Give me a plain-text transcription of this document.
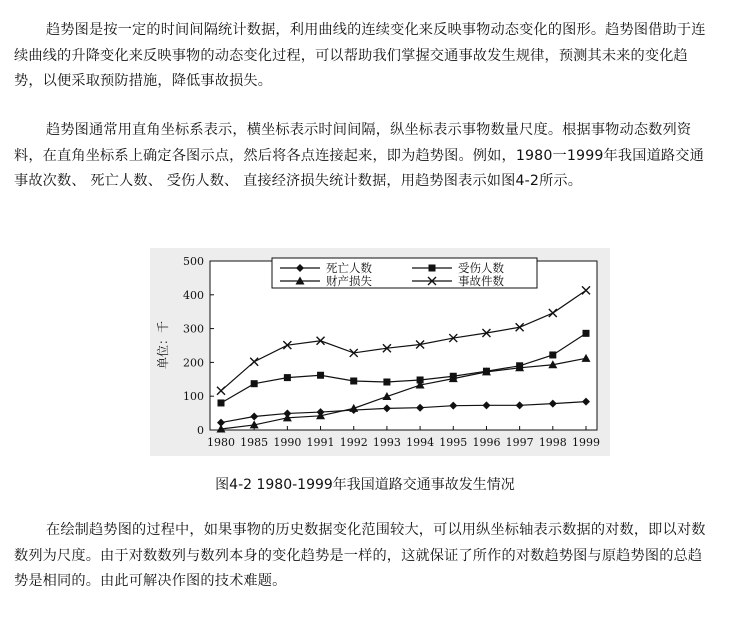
趋势图是按一定的时间间隔统计数据，利用曲线的连续变化来反映事物动态变化的图形。趋势图借助于连续曲线的升降变化来反映事物的动态变化过程，可以帮助我们掌握交通事故发生规律，预测其未来的变化趋势，以便采取预防措施，降低事故损失。

趋势图通常用直角坐标系表示，横坐标表示时间间隔，纵坐标表示事物数量尺度。根据事物动态数列资料，在直角坐标系上确定各图示点，然后将各点连接起来，即为趋势图。例如，1980一1999年我国道路交通事故次数、 死亡人数、 受伤人数、 直接经济损失统计数据，用趋势图表示如图4-2所示。

0
100
200
300
400
500
1980 1985 1990 1991 1992 1993 1994 1995 1996 1997 1998 1999
死亡人数	受伤人数
财产损失	事故件数
单位：千
图4-2 1980-1999年我国道路交通事故发生情况

在绘制趋势图的过程中，如果事物的历史数据变化范围较大，可以用纵坐标轴表示数据的对数，即以对数数列为尺度。由于对数数列与数列本身的变化趋势是一样的，这就保证了所作的对数趋势图与原趋势图的总趋势是相同的。由此可解决作图的技术难题。
